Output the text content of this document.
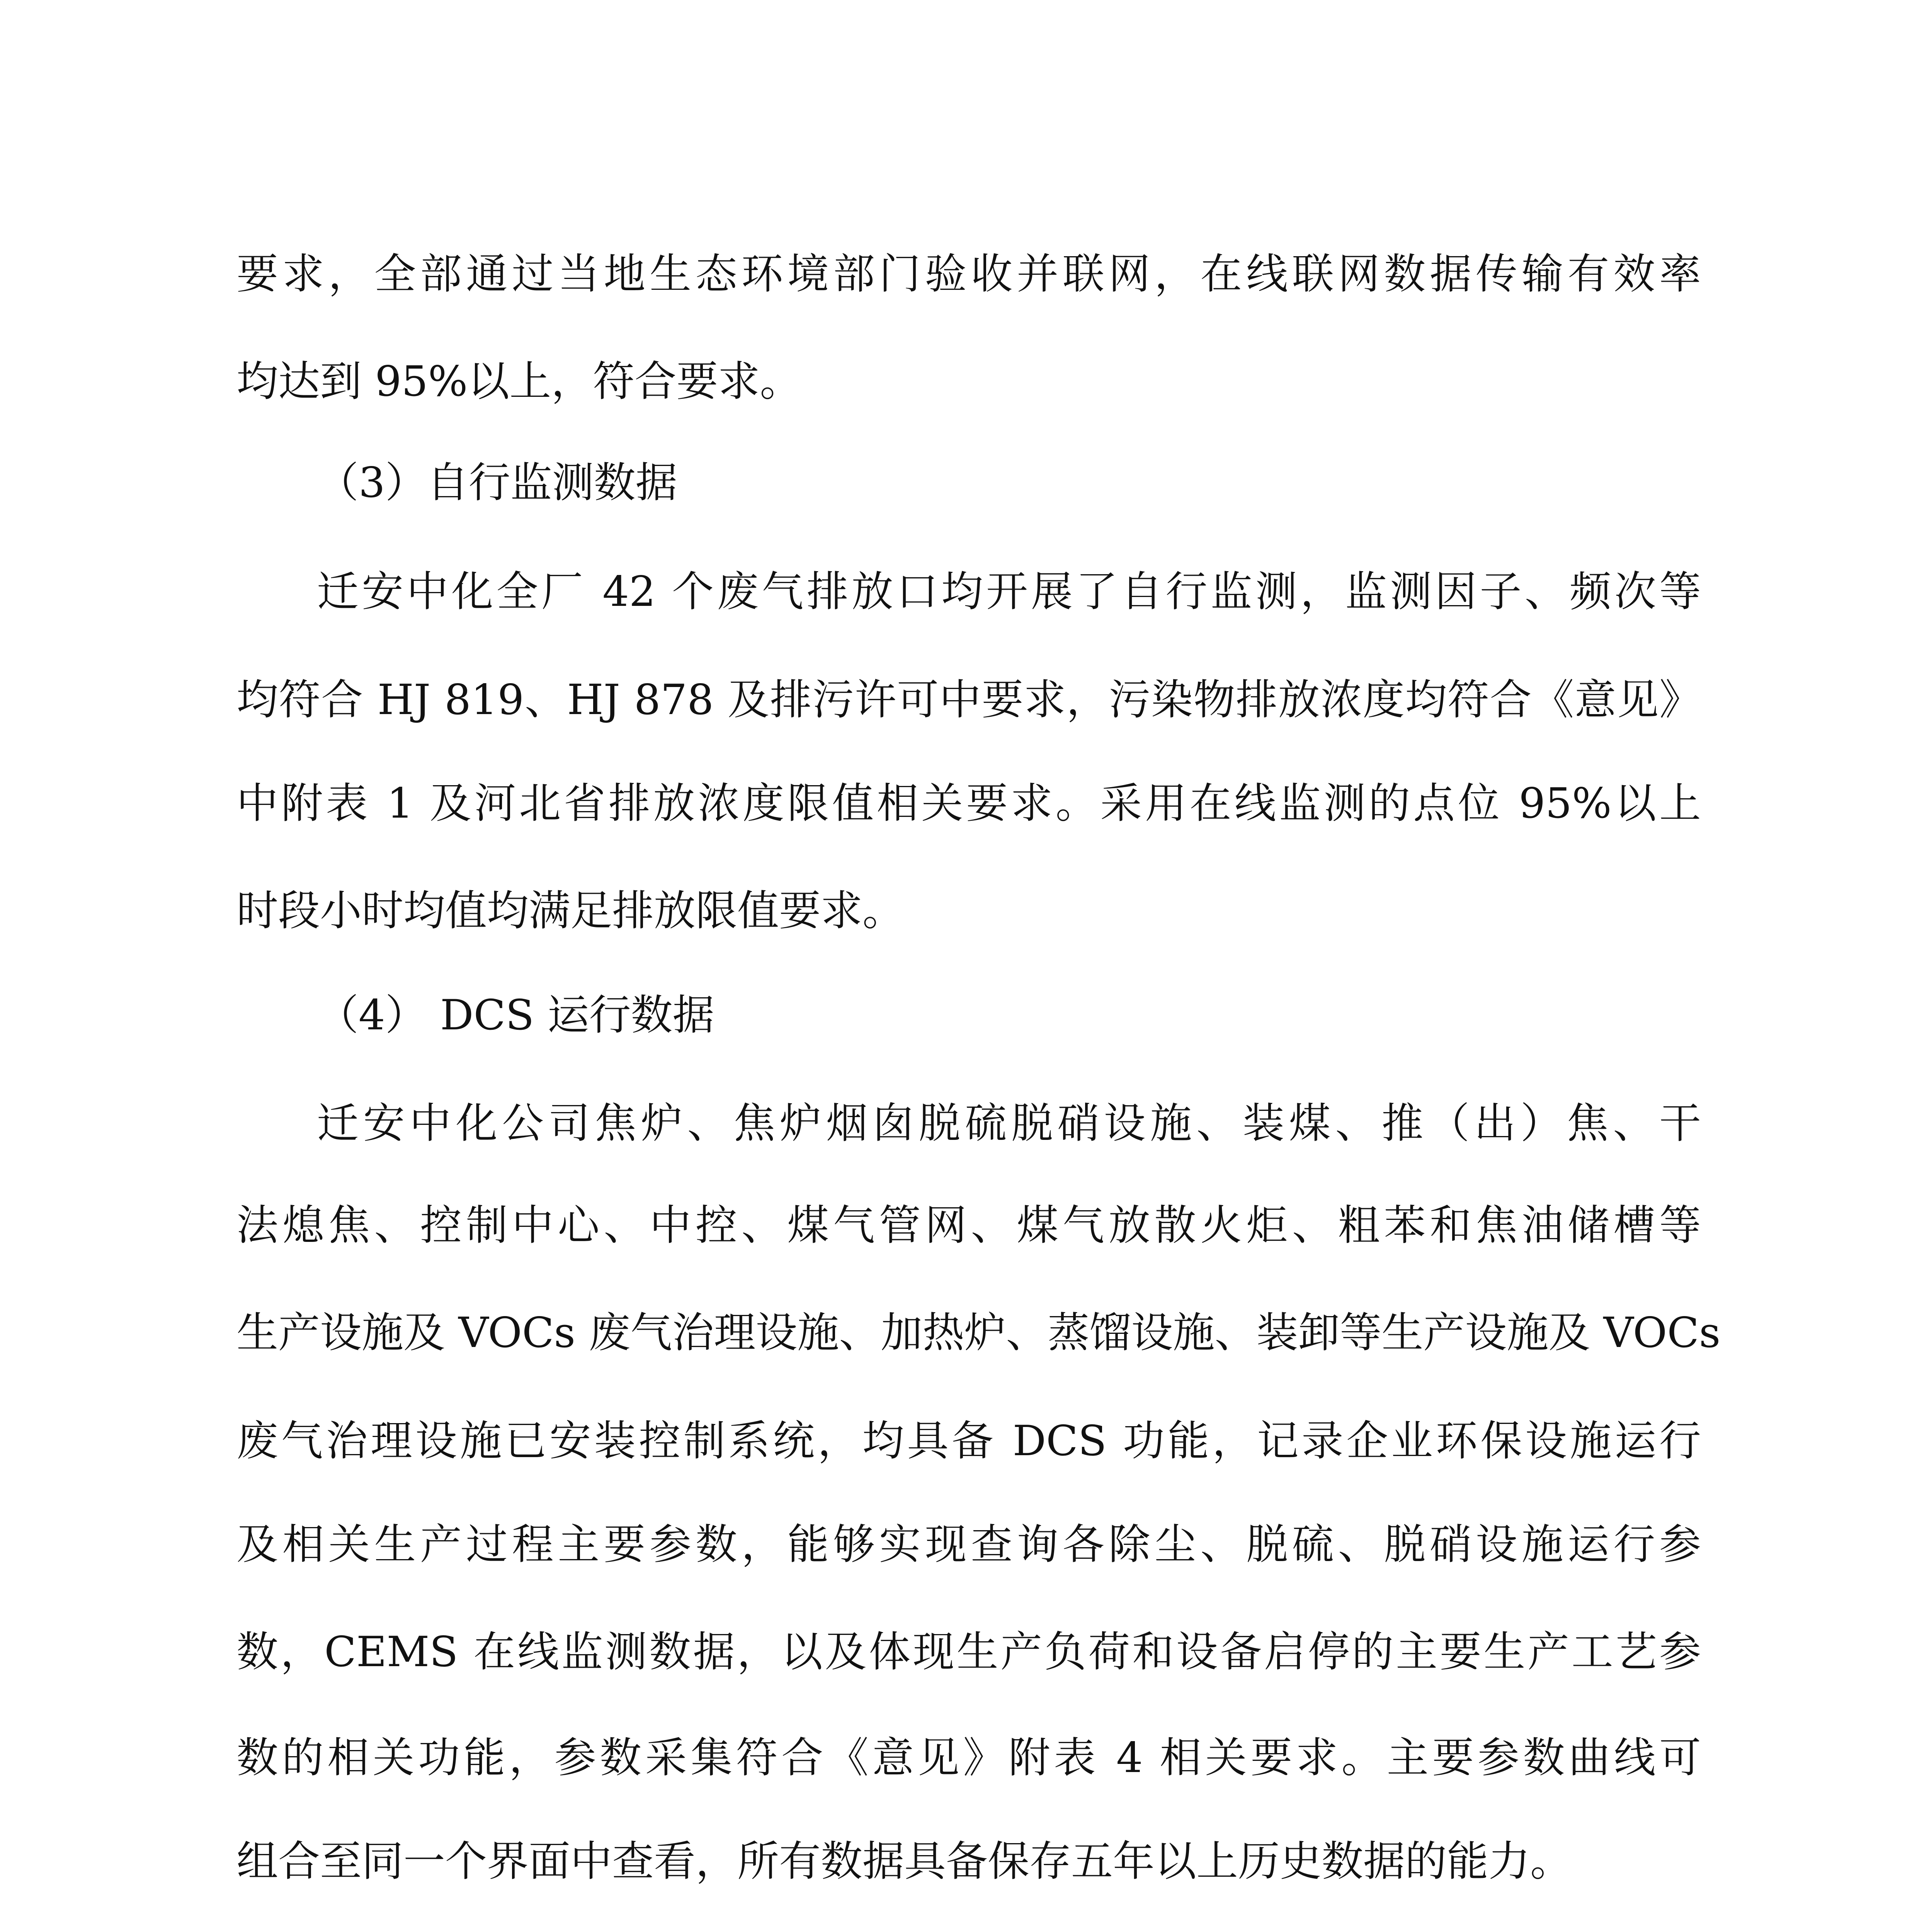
要求，全部通过当地生态环境部门验收并联网，在线联网数据传输有效率
均达到 95%以上，符合要求。
（3）自行监测数据
迁安中化全厂 42 个废气排放口均开展了自行监测，监测因子、频次等
均符合 HJ 819、HJ 878 及排污许可中要求，污染物排放浓度均符合《意见》
中附表 1 及河北省排放浓度限值相关要求。采用在线监测的点位 95%以上
时段小时均值均满足排放限值要求。
（4） DCS 运行数据
迁安中化公司焦炉、焦炉烟囱脱硫脱硝设施、装煤、推（出）焦、干
法熄焦、控制中心、中控、煤气管网、煤气放散火炬、粗苯和焦油储槽等
生产设施及 VOCs 废气治理设施、加热炉、蒸馏设施、装卸等生产设施及 VOCs
废气治理设施已安装控制系统，均具备 DCS 功能，记录企业环保设施运行
及相关生产过程主要参数，能够实现查询各除尘、脱硫、脱硝设施运行参
数，CEMS 在线监测数据，以及体现生产负荷和设备启停的主要生产工艺参
数的相关功能，参数采集符合《意见》附表 4 相关要求。主要参数曲线可
组合至同一个界面中查看，所有数据具备保存五年以上历史数据的能力。
